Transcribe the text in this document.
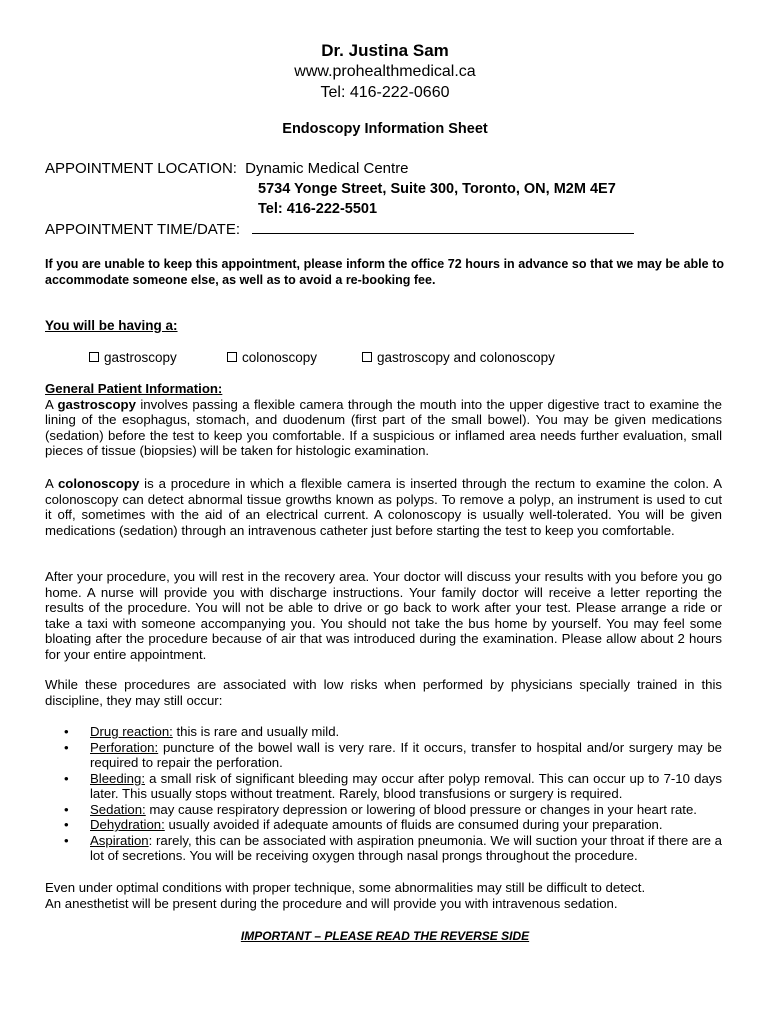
Dr. Justina Sam
www.prohealthmedical.ca
Tel: 416-222-0660
Endoscopy Information Sheet
APPOINTMENT LOCATION: Dynamic Medical Centre
5734 Yonge Street, Suite 300, Toronto, ON, M2M 4E7
Tel: 416-222-5501
APPOINTMENT TIME/DATE:
If you are unable to keep this appointment, please inform the office 72 hours in advance so that we may be able to accommodate someone else, as well as to avoid a re-booking fee.
You will be having a:
gastroscopy	colonoscopy	gastroscopy and colonoscopy
General Patient Information:
A gastroscopy involves passing a flexible camera through the mouth into the upper digestive tract to examine the lining of the esophagus, stomach, and duodenum (first part of the small bowel). You may be given medications (sedation) before the test to keep you comfortable. If a suspicious or inflamed area needs further evaluation, small pieces of tissue (biopsies) will be taken for histologic examination.
A colonoscopy is a procedure in which a flexible camera is inserted through the rectum to examine the colon. A colonoscopy can detect abnormal tissue growths known as polyps. To remove a polyp, an instrument is used to cut it off, sometimes with the aid of an electrical current. A colonoscopy is usually well-tolerated. You will be given medications (sedation) through an intravenous catheter just before starting the test to keep you comfortable.
After your procedure, you will rest in the recovery area. Your doctor will discuss your results with you before you go home. A nurse will provide you with discharge instructions. Your family doctor will receive a letter reporting the results of the procedure. You will not be able to drive or go back to work after your test. Please arrange a ride or take a taxi with someone accompanying you. You should not take the bus home by yourself. You may feel some bloating after the procedure because of air that was introduced during the examination. Please allow about 2 hours for your entire appointment.
While these procedures are associated with low risks when performed by physicians specially trained in this discipline, they may still occur:
• Drug reaction: this is rare and usually mild.
• Perforation: puncture of the bowel wall is very rare. If it occurs, transfer to hospital and/or surgery may be required to repair the perforation.
• Bleeding: a small risk of significant bleeding may occur after polyp removal. This can occur up to 7-10 days later. This usually stops without treatment. Rarely, blood transfusions or surgery is required.
• Sedation: may cause respiratory depression or lowering of blood pressure or changes in your heart rate.
• Dehydration: usually avoided if adequate amounts of fluids are consumed during your preparation.
• Aspiration: rarely, this can be associated with aspiration pneumonia. We will suction your throat if there are a lot of secretions. You will be receiving oxygen through nasal prongs throughout the procedure.
Even under optimal conditions with proper technique, some abnormalities may still be difficult to detect.
An anesthetist will be present during the procedure and will provide you with intravenous sedation.
IMPORTANT – PLEASE READ THE REVERSE SIDE
